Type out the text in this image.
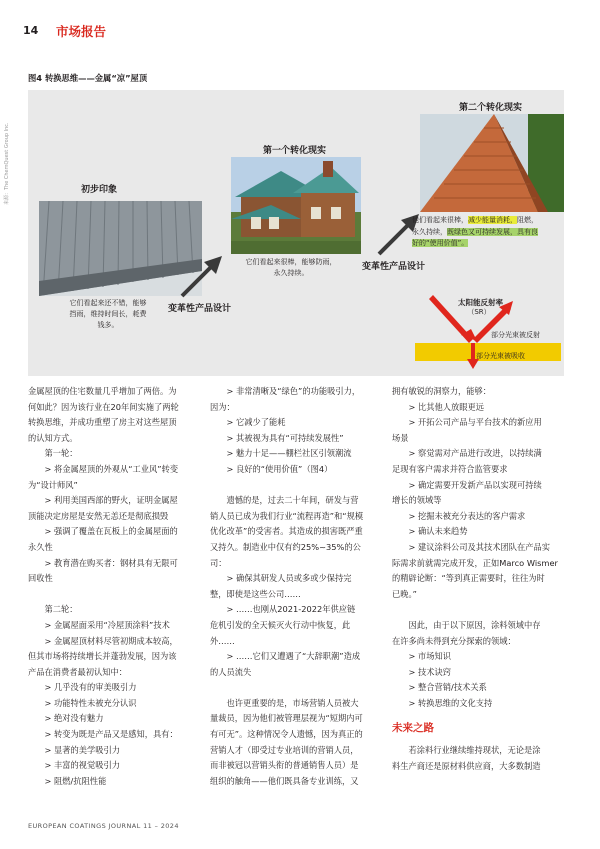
14 市场报告
图4 转换思维——金属“凉”屋顶
来源：The ChemQuest Group Inc.	初步印象
它们看起来还不错，能够
挡雨，维持时间长，耗费
钱多。
变革性产品设计
第一个转化现实
它们看起来很棒，能够防雨，
永久持续。
变革性产品设计
第二个转化现实
他们看起来很棒，减少能量消耗，阻燃，
永久持续，既绿色又可持续发展，具有良
好的“使用价值”。
太阳能反射率
（SR）
部分光束被反射
部分光束被吸收

金属屋顶的住宅数量几乎增加了两倍。为

何如此？因为该行业在20年间实施了两轮

转换思维，并成功重塑了房主对这些屋顶

的认知方式。

　　第一轮：

　　> 将金属屋顶的外观从“工业风”转变

为“设计师风”

　　> 利用美国西部的野火，证明金属屋

顶能决定房屋是安然无恙还是彻底损毁

　　> 强调了覆盖在瓦板上的金属屋面的

永久性

　　> 教育潜在购买者：钢材具有无限可

回收性

　　第二轮：

　　> 金属屋面采用“冷屋顶涂料”技术

　　> 金属屋顶材料尽管初期成本较高，

但其市场将持续增长并蓬勃发展，因为该

产品在消费者最初认知中：

　　> 几乎没有的审美吸引力

　　> 功能特性未被充分认识

　　> 绝对没有魅力

　　> 转变为既是产品又是感知，具有：

　　> 显著的美学吸引力

　　> 丰富的视觉吸引力

　　> 阻燃/抗阻性能

　　> 非常清晰及“绿色”的功能吸引力，

因为：

　　> 它减少了能耗

　　> 其被视为具有“可持续发展性”

　　> 魅力十足——棚栏社区引领潮流

　　> 良好的“使用价值”（图4）

　　遗憾的是，过去二十年间，研发与营

销人员已成为我们行业“流程再造”和“规模

优化改革”的受害者。其造成的损害既严重

又持久。制造业中仅有约25%~35%的公

司：

　　> 确保其研发人员或多或少保持完

整，即使是这些公司……

　　> ……也刚从2021-2022年供应链

危机引发的全天候灭火行动中恢复，此

外……

　　> ……它们又遭遇了“大辞职潮”造成

的人员流失

　　也许更重要的是，市场营销人员被大

量裁员，因为他们被管理层视为“短期内可

有可无”。这种情况令人遗憾，因为真正的

营销人才（即受过专业培训的营销人员，

而非被冠以营销头衔的普通销售人员）是

组织的触角——他们既具备专业训练，又

拥有敏锐的洞察力，能够：

　　> 比其他人放眼更远

　　> 开拓公司产品与平台技术的新应用

场景

　　> 察觉需对产品进行改进，以持续满

足现有客户需求并符合监管要求

　　> 确定需要开发新产品以实现可持续

增长的领域等

　　> 挖掘未被充分表达的客户需求

　　> 确认未来趋势

　　> 建议涂料公司及其技术团队在产品实

际需求前就需完成开发，正如Marco Wismer

的精辟论断：“等到真正需要时，往往为时

已晚。”

　　因此，由于以下原因，涂料领域中存

在许多尚未得到充分探索的领域：

　　> 市场知识

　　> 技术诀窍

　　> 整合营销/技术关系

　　> 转换思维的文化支持

未来之路

　　若涂料行业继续维持现状，无论是涂

料生产商还是原材料供应商，大多数制造

EUROPEAN COATINGS JOURNAL 11 – 2024
